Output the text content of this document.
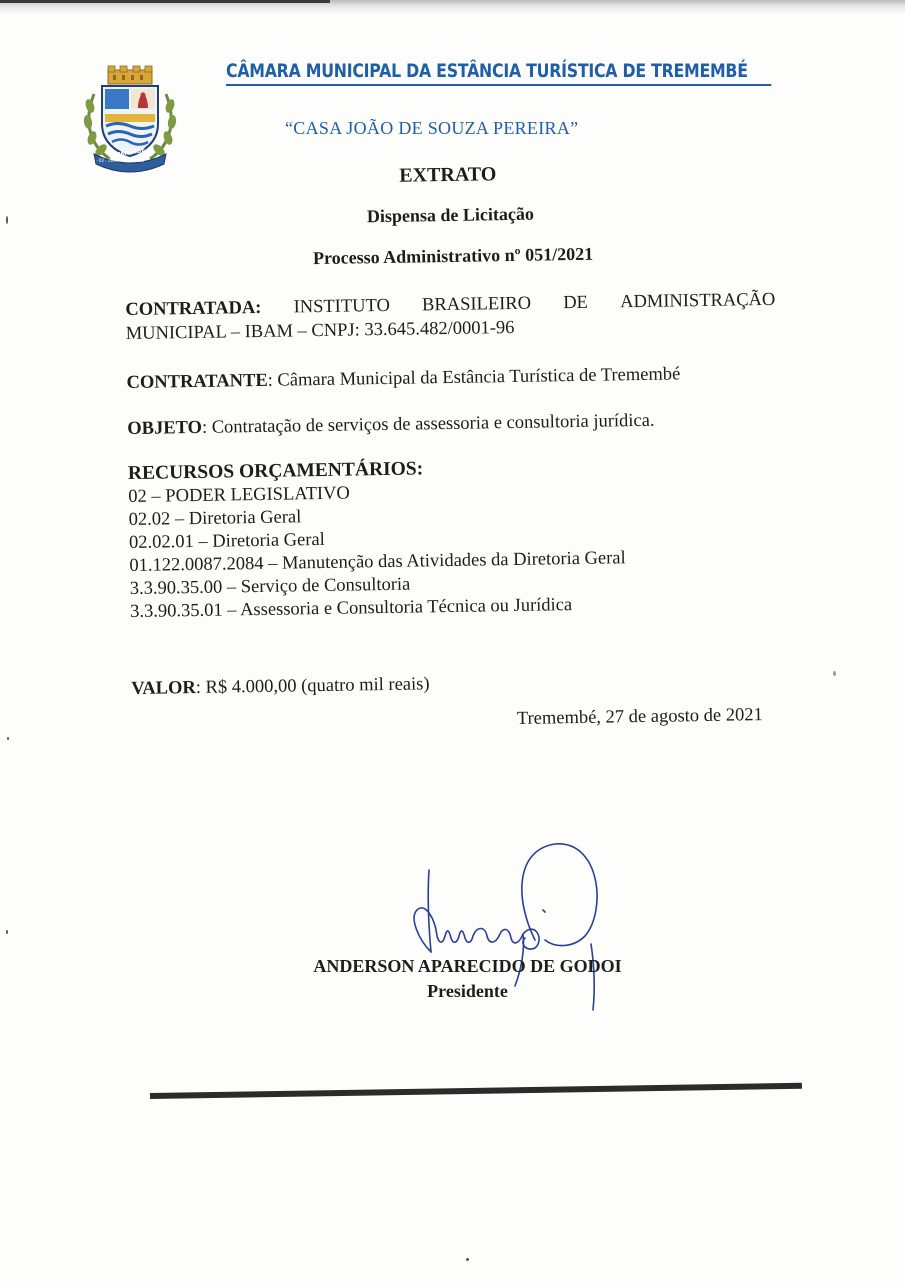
TREMEMBÉ
26 · 02 · 1896 · 1º · 11 · 21
CÂMARA MUNICIPAL DA ESTÂNCIA TURÍSTICA DE TREMEMBÉ
“CASA JOÃO DE SOUZA PEREIRA”
EXTRATO
Dispensa de Licitação
Processo Administrativo nº 051/2021
CONTRATADA: INSTITUTO BRASILEIRO DE ADMINISTRAÇÃO
MUNICIPAL – IBAM – CNPJ: 33.645.482/0001-96
CONTRATANTE: Câmara Municipal da Estância Turística de Tremembé
OBJETO: Contratação de serviços de assessoria e consultoria jurídica.
RECURSOS ORÇAMENTÁRIOS:
02 – PODER LEGISLATIVO
02.02 – Diretoria Geral
02.02.01 – Diretoria Geral
01.122.0087.2084 – Manutenção das Atividades da Diretoria Geral
3.3.90.35.00 – Serviço de Consultoria
3.3.90.35.01 – Assessoria e Consultoria Técnica ou Jurídica
VALOR: R$ 4.000,00 (quatro mil reais)
Tremembé, 27 de agosto de 2021
ANDERSON APARECIDO DE GODOI
Presidente
